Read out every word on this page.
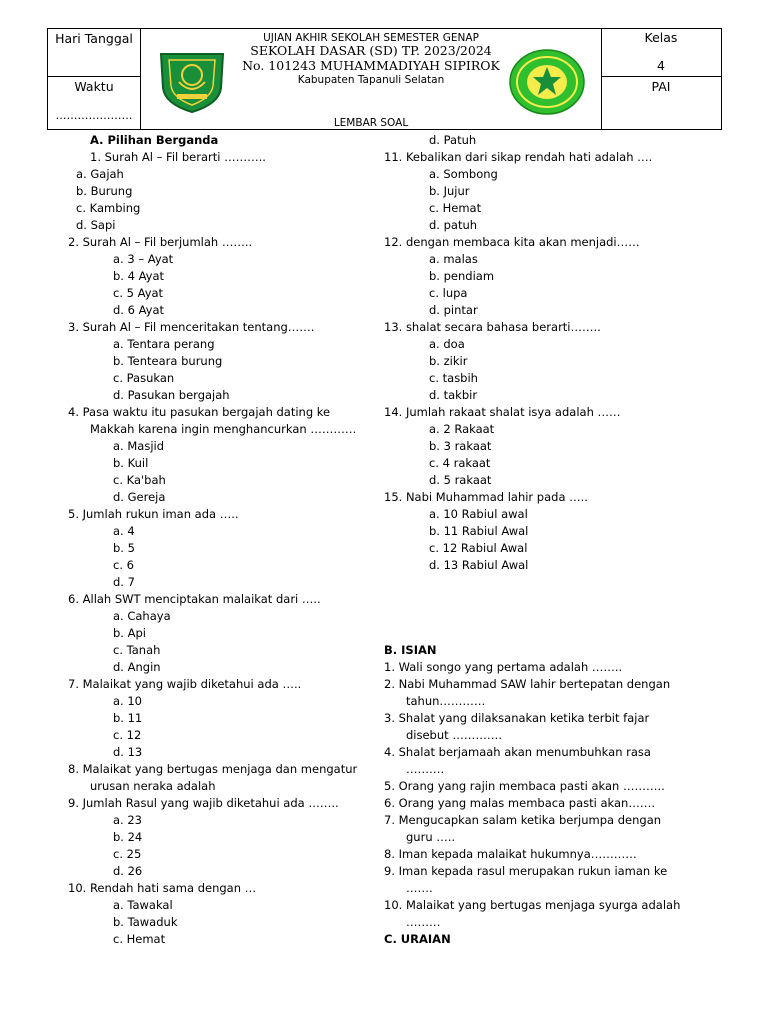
Hari Tanggal
Waktu
…………………
UJIAN AKHIR SEKOLAH SEMESTER GENAP
SEKOLAH DASAR (SD) TP. 2023/2024
No. 101243 MUHAMMADIYAH SIPIROK
Kabupaten Tapanuli Selatan
LEMBAR SOAL
Kelas
4
PAI
A. Pilihan Berganda
1. Surah Al – Fil berarti ………..
a. Gajah
b. Burung
c. Kambing
d. Sapi
2. Surah Al – Fil berjumlah ……..
a. 3 – Ayat
b. 4 Ayat
c. 5 Ayat
d. 6 Ayat
3. Surah Al – Fil menceritakan tentang…….
a. Tentara perang
b. Tenteara burung
c. Pasukan
d. Pasukan bergajah
4. Pasa waktu itu pasukan bergajah dating ke
Makkah karena ingin menghancurkan …………
a. Masjid
b. Kuil
c. Ka'bah
d. Gereja
5. Jumlah rukun iman ada …..
a. 4
b. 5
c. 6
d. 7
6. Allah SWT menciptakan malaikat dari …..
a. Cahaya
b. Api
c. Tanah
d. Angin
7. Malaikat yang wajib diketahui ada …..
a. 10
b. 11
c. 12
d. 13
8. Malaikat yang bertugas menjaga dan mengatur
urusan neraka adalah
9. Jumlah Rasul yang wajib diketahui ada ……..
a. 23
b. 24
c. 25
d. 26
10. Rendah hati sama dengan …
a. Tawakal
b. Tawaduk
c. Hemat
d. Patuh
11. Kebalikan dari sikap rendah hati adalah ….
a. Sombong
b. Jujur
c. Hemat
d. patuh
12. dengan membaca kita akan menjadi……
a. malas
b. pendiam
c. lupa
d. pintar
13. shalat secara bahasa berarti……..
a. doa
b. zikir
c. tasbih
d. takbir
14. Jumlah rakaat shalat isya adalah ……
a. 2 Rakaat
b. 3 rakaat
c. 4 rakaat
d. 5 rakaat
15. Nabi Muhammad lahir pada …..
a. 10 Rabiul awal
b. 11 Rabiul Awal
c. 12 Rabiul Awal
d. 13 Rabiul Awal
B. ISIAN
1. Wali songo yang pertama adalah ……..
2. Nabi Muhammad SAW lahir bertepatan dengan
tahun…………
3. Shalat yang dilaksanakan ketika terbit fajar
disebut ………….
4. Shalat berjamaah akan menumbuhkan rasa
……….
5. Orang yang rajin membaca pasti akan ………..
6. Orang yang malas membaca pasti akan…….
7. Mengucapkan salam ketika berjumpa dengan
guru …..
8. Iman kepada malaikat hukumnya…………
9. Iman kepada rasul merupakan rukun iaman ke
…….
10. Malaikat yang bertugas menjaga syurga adalah
………
C. URAIAN
